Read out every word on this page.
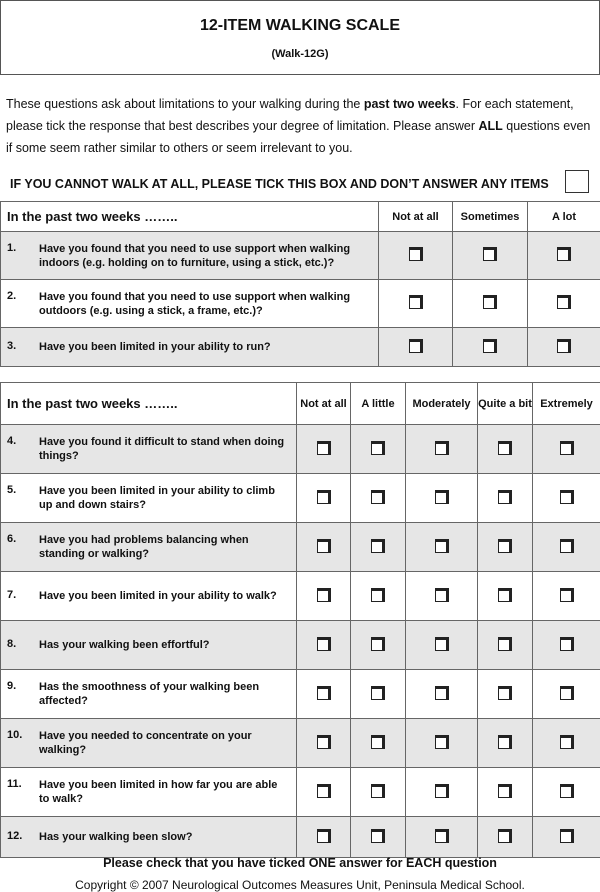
12-ITEM WALKING SCALE
(Walk-12G)
These questions ask about limitations to your walking during the past two weeks. For each statement, please tick the response that best describes your degree of limitation. Please answer ALL questions even if some seem rather similar to others or seem irrelevant to you.
IF YOU CANNOT WALK AT ALL, PLEASE TICK THIS BOX AND DON’T ANSWER ANY ITEMS
In the past two weeks ……..	Not at all	Sometimes	A lot
1. Have you found that you need to use support when walking indoors (e.g. holding on to furniture, using a stick, etc.)?			
2. Have you found that you need to use support when walking outdoors (e.g. using a stick, a frame, etc.)?			
3. Have you been limited in your ability to run?			
In the past two weeks ……..	Not at all	A little	Moderately	Quite a bit	Extremely
4. Have you found it difficult to stand when doing things?					
5. Have you been limited in your ability to climb up and down stairs?					
6. Have you had problems balancing when standing or walking?					
7. Have you been limited in your ability to walk?					
8. Has your walking been effortful?					
9. Has the smoothness of your walking been affected?					
10. Have you needed to concentrate on your walking?					
11. Have you been limited in how far you are able to walk?					
12. Has your walking been slow?					
Please check that you have ticked ONE answer for EACH question
Copyright © 2007 Neurological Outcomes Measures Unit, Peninsula Medical School.
